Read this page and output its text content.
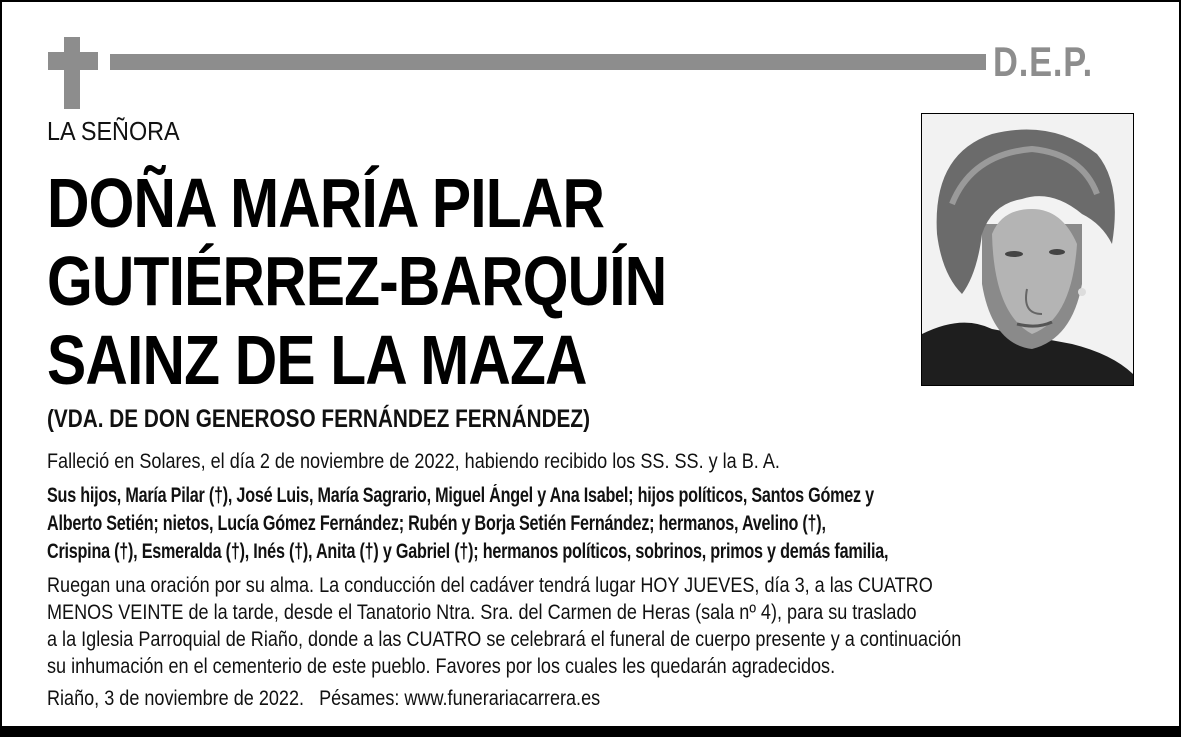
D.E.P.
LA SEÑORA
DOÑA MARÍA PILAR
GUTIÉRREZ-BARQUÍN
SAINZ DE LA MAZA
(VDA. DE DON GENEROSO FERNÁNDEZ FERNÁNDEZ)
Falleció en Solares, el día 2 de noviembre de 2022, habiendo recibido los SS. SS. y la B. A.
Sus hijos, María Pilar (†), José Luis, María Sagrario, Miguel Ángel y Ana Isabel; hijos políticos, Santos Gómez y
Alberto Setién; nietos, Lucía Gómez Fernández; Rubén y Borja Setién Fernández; hermanos, Avelino (†),
Crispina (†), Esmeralda (†), Inés (†), Anita (†) y Gabriel (†); hermanos políticos, sobrinos, primos y demás familia,
Ruegan una oración por su alma. La conducción del cadáver tendrá lugar HOY JUEVES, día 3, a las CUATRO
MENOS VEINTE de la tarde, desde el Tanatorio Ntra. Sra. del Carmen de Heras (sala nº 4), para su traslado
a la Iglesia Parroquial de Riaño, donde a las CUATRO se celebrará el funeral de cuerpo presente y a continuación
su inhumación en el cementerio de este pueblo. Favores por los cuales les quedarán agradecidos.
Riaño, 3 de noviembre de 2022. Pésames: www.funerariacarrera.es
